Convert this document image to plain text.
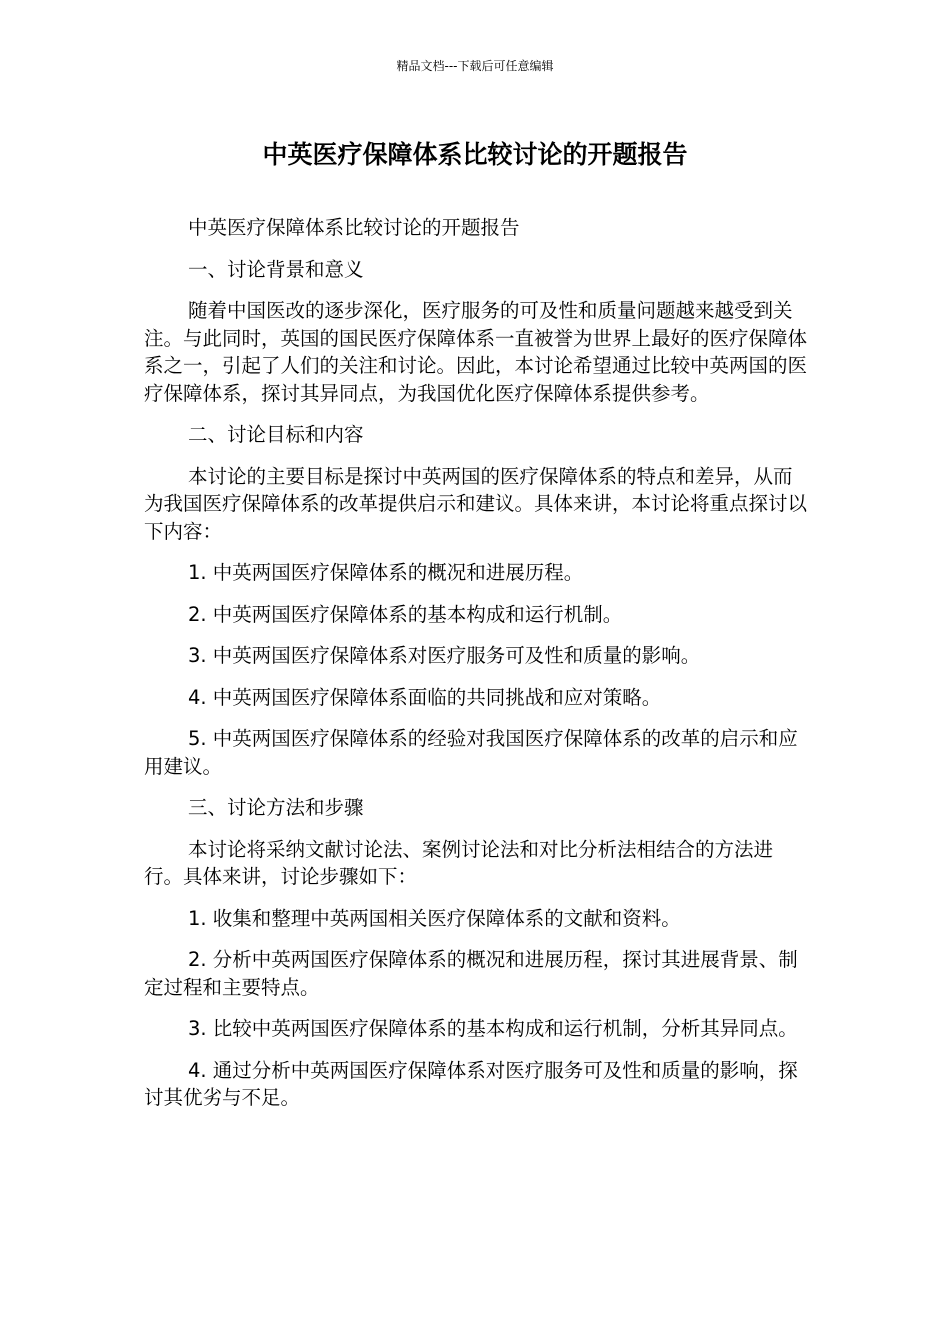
精品文档---下载后可任意编辑
中英医疗保障体系比较讨论的开题报告

中英医疗保障体系比较讨论的开题报告

一、讨论背景和意义

随着中国医改的逐步深化，医疗服务的可及性和质量问题越来越受到关注。与此同时，英国的国民医疗保障体系一直被誉为世界上最好的医疗保障体系之一，引起了人们的关注和讨论。因此，本讨论希望通过比较中英两国的医疗保障体系，探讨其异同点，为我国优化医疗保障体系提供参考。

二、讨论目标和内容

本讨论的主要目标是探讨中英两国的医疗保障体系的特点和差异，从而为我国医疗保障体系的改革提供启示和建议。具体来讲，本讨论将重点探讨以下内容：

1. 中英两国医疗保障体系的概况和进展历程。

2. 中英两国医疗保障体系的基本构成和运行机制。

3. 中英两国医疗保障体系对医疗服务可及性和质量的影响。

4. 中英两国医疗保障体系面临的共同挑战和应对策略。

5. 中英两国医疗保障体系的经验对我国医疗保障体系的改革的启示和应用建议。

三、讨论方法和步骤

本讨论将采纳文献讨论法、案例讨论法和对比分析法相结合的方法进行。具体来讲，讨论步骤如下：

1. 收集和整理中英两国相关医疗保障体系的文献和资料。

2. 分析中英两国医疗保障体系的概况和进展历程，探讨其进展背景、制定过程和主要特点。

3. 比较中英两国医疗保障体系的基本构成和运行机制，分析其异同点。

4. 通过分析中英两国医疗保障体系对医疗服务可及性和质量的影响，探讨其优劣与不足。
